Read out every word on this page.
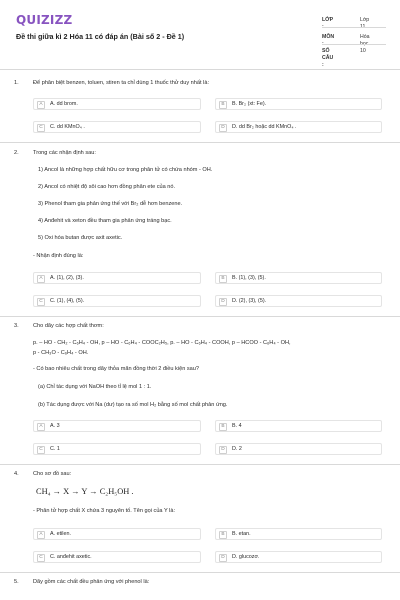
QUIZIZZ
Đề thi giữa kì 2 Hóa 11 có đáp án (Bài số 2 - Đề 1)
LỚP	Lớp
MÔN	Hóa
SỐ CÂU :
10
1.	Để phân biệt benzen, toluen, stiren ta chỉ dùng 1 thuốc thử duy nhất là:
A	A. dd brom.	B	B. Br₂ (xt: Fe).
C	C. dd KMnO₄ .	D	D. dd Br₂ hoặc dd KMnO₄ .
2.	Trong các nhận định sau:
1) Ancol là những hợp chất hữu cơ trong phân tử có chứa nhóm - OH.
2) Ancol có nhiệt độ sôi cao hơn đồng phân ete của nó.
3) Phenol tham gia phản ứng thế với Br₂ dễ hơn benzene.
4) Anđehit và xeton đều tham gia phản ứng tráng bạc.
5) Oxi hóa butan được axit axetic.
- Nhận định đúng là:
A	A. (1), (2), (3).	B	B. (1), (3), (5).
C	C. (1), (4), (5).	D	D. (2), (3), (5).
3.	Cho dãy các hợp chất thơm:
p. – HO - CH₂ - C₆H₄ - OH, p – HO - C₆H₄ - COOC₂H₅, p. – HO - C₆H₄ - COOH, p – HCOO - C₆H₄ - OH,
p - CH₃O - C₆H₄ - OH.
- Có bao nhiêu chất trong dãy thỏa mãn đồng thời 2 điều kiện sau?
(a) Chỉ tác dụng với NaOH theo tỉ lệ mol 1 : 1.
(b) Tác dụng được với Na (dư) tạo ra số mol H₂ bằng số mol chất phản ứng.
A	A. 3	B	B. 4
C	C. 1	D	D. 2
4.	Cho sơ đồ sau:
CH₄ → X → Y → C₂H₅OH .
- Phân tử hợp chất X chứa 3 nguyên tố. Tên gọi của Y là:
A	A. etilen.	B	B. etan.
C	C. anđehit axetic.	D	D. glucozơ.
5.	Dãy gồm các chất đều phản ứng với phenol là:
